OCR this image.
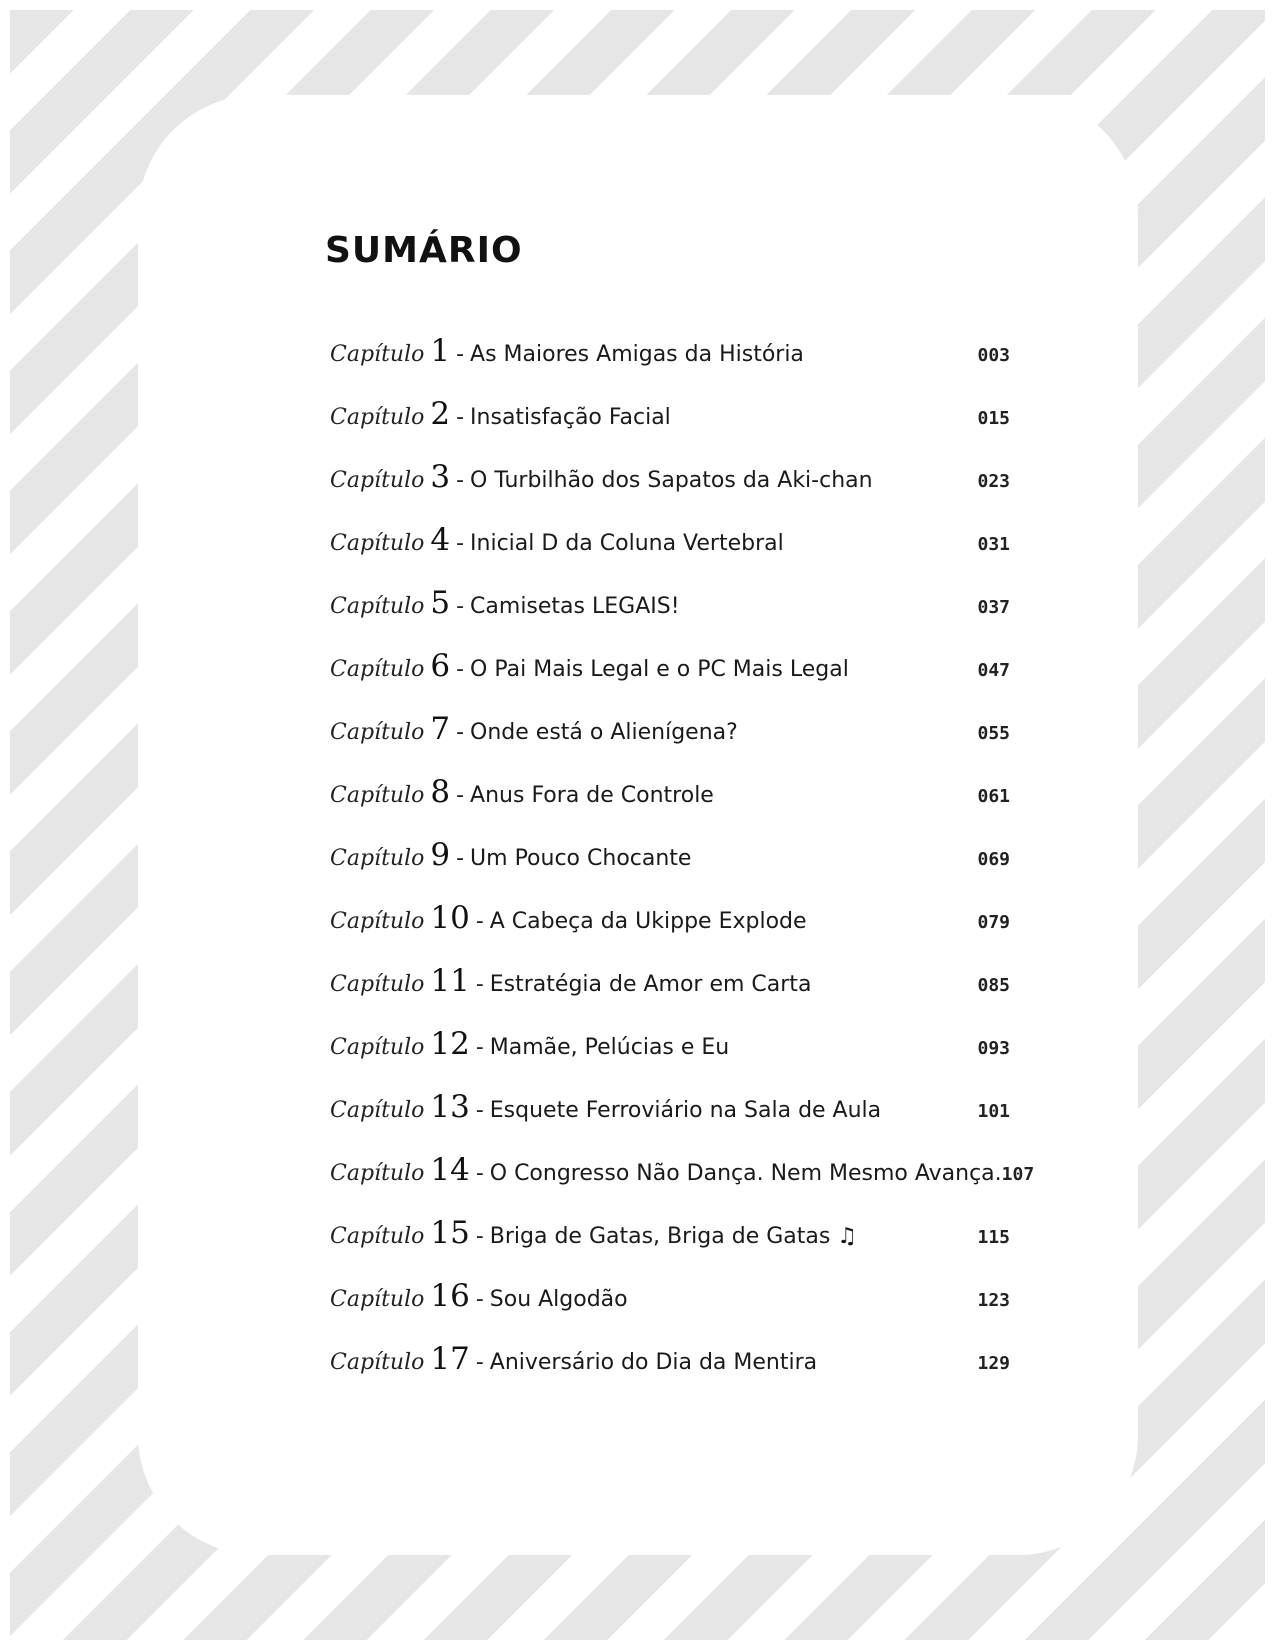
SUMÁRIO
Capítulo 1 - As Maiores Amigas da História	003
Capítulo 2 - Insatisfação Facial	015
Capítulo 3 - O Turbilhão dos Sapatos da Aki-chan	023
Capítulo 4 - Inicial D da Coluna Vertebral	031
Capítulo 5 - Camisetas LEGAIS!	037
Capítulo 6 - O Pai Mais Legal e o PC Mais Legal	047
Capítulo 7 - Onde está o Alienígena?	055
Capítulo 8 - Anus Fora de Controle	061
Capítulo 9 - Um Pouco Chocante	069
Capítulo 10 - A Cabeça da Ukippe Explode	079
Capítulo 11 - Estratégia de Amor em Carta	085
Capítulo 12 - Mamãe, Pelúcias e Eu	093
Capítulo 13 - Esquete Ferroviário na Sala de Aula	101
Capítulo 14 - O Congresso Não Dança. Nem Mesmo Avança. 107
Capítulo 15 - Briga de Gatas, Briga de Gatas ♫	115
Capítulo 16 - Sou Algodão	123
Capítulo 17 - Aniversário do Dia da Mentira	129
